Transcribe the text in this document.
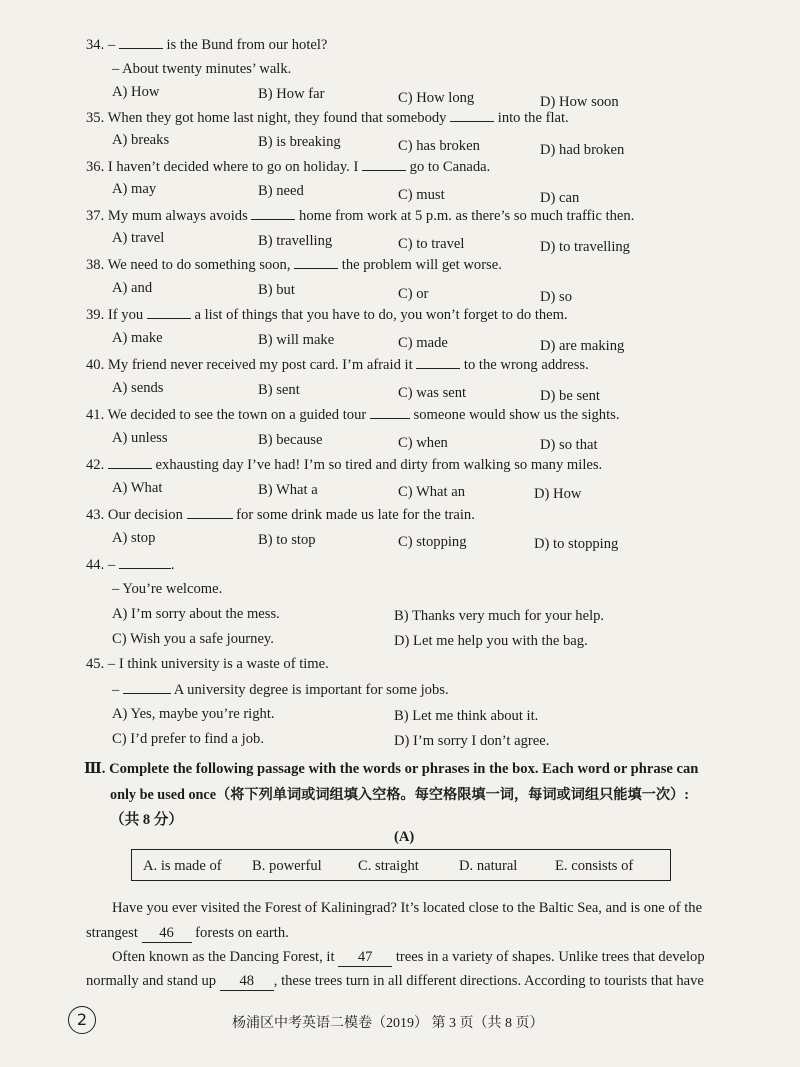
34. –	is the Bund from our hotel?
– About twenty minutes’ walk.
A) How	B) How far	C) How long	D) How soon
35. When they got home last night, they found that somebody	into the flat.
A) breaks	B) is breaking	C) has broken	D) had broken
36. I haven’t decided where to go on holiday. I	go to Canada.
A) may	B) need	C) must	D) can
37. My mum always avoids	home from work at 5 p.m. as there’s so much traffic then.
A) travel	B) travelling	C) to travel	D) to travelling
38. We need to do something soon,	the problem will get worse.
A) and	B) but	C) or	D) so
39. If you	a list of things that you have to do, you won’t forget to do them.
A) make	B) will make	C) made	D) are making
40. My friend never received my post card. I’m afraid it	to the wrong address.
A) sends	B) sent	C) was sent	D) be sent
41. We decided to see the town on a guided tour	someone would show us the sights.
A) unless	B) because	C) when	D) so that
42.	exhausting day I’ve had! I’m so tired and dirty from walking so many miles.
A) What	B) What a	C) What an	D) How
43. Our decision	for some drink made us late for the train.
A) stop	B) to stop	C) stopping	D) to stopping
44. –	.
– You’re welcome.
A) I’m sorry about the mess.	B) Thanks very much for your help.
C) Wish you a safe journey.	D) Let me help you with the bag.
45. – I think university is a waste of time.
–	A university degree is important for some jobs.
A) Yes, maybe you’re right.	B) Let me think about it.
C) I’d prefer to find a job.	D) I’m sorry I don’t agree.
Ⅲ. Complete the following passage with the words or phrases in the box. Each word or phrase can
only be used once（将下列单词或词组填入空格。每空格限填一词，每词或词组只能填一次）:
（共 8 分）
(A)
A. is made of B. powerful C. straight	D. natural	E. consists of
Have you ever visited the Forest of Kaliningrad? It’s located close to the Baltic Sea, and is one of the
strangest 46 forests on earth.
Often known as the Dancing Forest, it 47 trees in a variety of shapes. Unlike trees that develop
normally and stand up 48 , these trees turn in all different directions. According to tourists that have
2	杨浦区中考英语二模卷（2019） 第 3 页（共 8 页）
